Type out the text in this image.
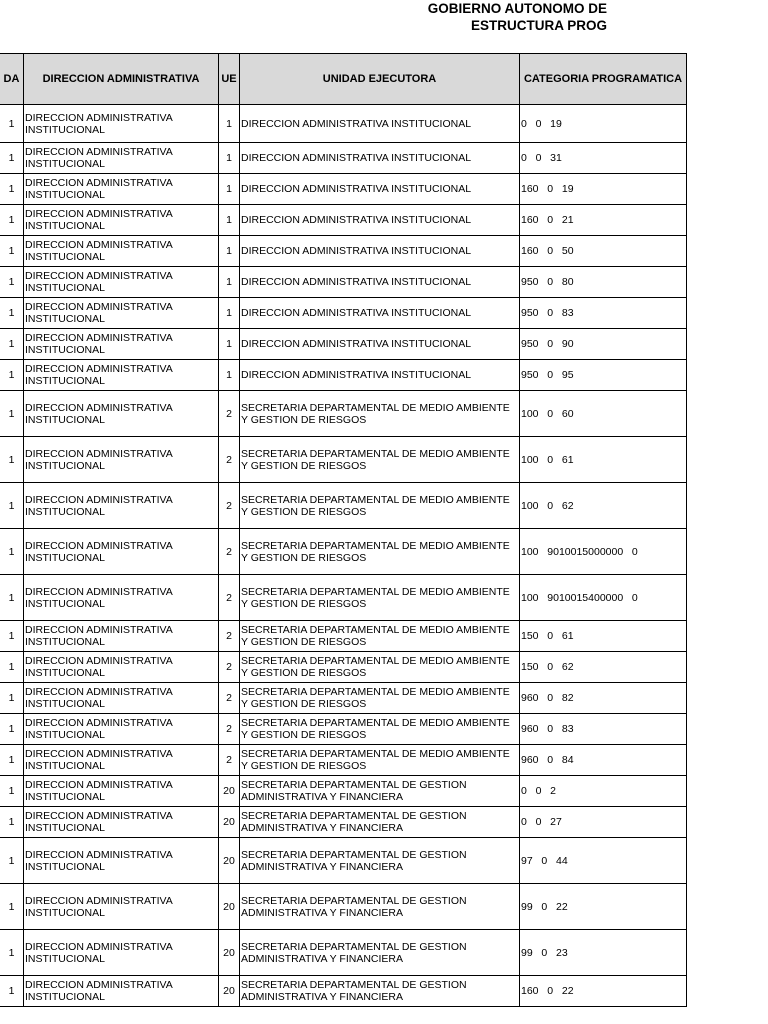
GOBIERNO AUTONOMO DE
ESTRUCTURA PROG
DA	DIRECCION ADMINISTRATIVA	UE	UNIDAD EJECUTORA	CATEGORIA PROGRAMATICA
1	DIRECCION ADMINISTRATIVA INSTITUCIONAL	1	DIRECCION ADMINISTRATIVA INSTITUCIONAL	0   0   19
1	DIRECCION ADMINISTRATIVA INSTITUCIONAL	1	DIRECCION ADMINISTRATIVA INSTITUCIONAL	0   0   31
1	DIRECCION ADMINISTRATIVA INSTITUCIONAL	1	DIRECCION ADMINISTRATIVA INSTITUCIONAL	160   0   19
1	DIRECCION ADMINISTRATIVA INSTITUCIONAL	1	DIRECCION ADMINISTRATIVA INSTITUCIONAL	160   0   21
1	DIRECCION ADMINISTRATIVA INSTITUCIONAL	1	DIRECCION ADMINISTRATIVA INSTITUCIONAL	160   0   50
1	DIRECCION ADMINISTRATIVA INSTITUCIONAL	1	DIRECCION ADMINISTRATIVA INSTITUCIONAL	950   0   80
1	DIRECCION ADMINISTRATIVA INSTITUCIONAL	1	DIRECCION ADMINISTRATIVA INSTITUCIONAL	950   0   83
1	DIRECCION ADMINISTRATIVA INSTITUCIONAL	1	DIRECCION ADMINISTRATIVA INSTITUCIONAL	950   0   90
1	DIRECCION ADMINISTRATIVA INSTITUCIONAL	1	DIRECCION ADMINISTRATIVA INSTITUCIONAL	950   0   95
1	DIRECCION ADMINISTRATIVA INSTITUCIONAL	2	SECRETARIA DEPARTAMENTAL DE MEDIO AMBIENTE Y GESTION DE RIESGOS	100   0   60
1	DIRECCION ADMINISTRATIVA INSTITUCIONAL	2	SECRETARIA DEPARTAMENTAL DE MEDIO AMBIENTE Y GESTION DE RIESGOS	100   0   61
1	DIRECCION ADMINISTRATIVA INSTITUCIONAL	2	SECRETARIA DEPARTAMENTAL DE MEDIO AMBIENTE Y GESTION DE RIESGOS	100   0   62
1	DIRECCION ADMINISTRATIVA INSTITUCIONAL	2	SECRETARIA DEPARTAMENTAL DE MEDIO AMBIENTE Y GESTION DE RIESGOS	100   9010015000000   0
1	DIRECCION ADMINISTRATIVA INSTITUCIONAL	2	SECRETARIA DEPARTAMENTAL DE MEDIO AMBIENTE Y GESTION DE RIESGOS	100   9010015400000   0
1	DIRECCION ADMINISTRATIVA INSTITUCIONAL	2	SECRETARIA DEPARTAMENTAL DE MEDIO AMBIENTE Y GESTION DE RIESGOS	150   0   61
1	DIRECCION ADMINISTRATIVA INSTITUCIONAL	2	SECRETARIA DEPARTAMENTAL DE MEDIO AMBIENTE Y GESTION DE RIESGOS	150   0   62
1	DIRECCION ADMINISTRATIVA INSTITUCIONAL	2	SECRETARIA DEPARTAMENTAL DE MEDIO AMBIENTE Y GESTION DE RIESGOS	960   0   82
1	DIRECCION ADMINISTRATIVA INSTITUCIONAL	2	SECRETARIA DEPARTAMENTAL DE MEDIO AMBIENTE Y GESTION DE RIESGOS	960   0   83
1	DIRECCION ADMINISTRATIVA INSTITUCIONAL	2	SECRETARIA DEPARTAMENTAL DE MEDIO AMBIENTE Y GESTION DE RIESGOS	960   0   84
1	DIRECCION ADMINISTRATIVA INSTITUCIONAL	20	SECRETARIA DEPARTAMENTAL DE GESTION ADMINISTRATIVA Y FINANCIERA	0   0   2
1	DIRECCION ADMINISTRATIVA INSTITUCIONAL	20	SECRETARIA DEPARTAMENTAL DE GESTION ADMINISTRATIVA Y FINANCIERA	0   0   27
1	DIRECCION ADMINISTRATIVA INSTITUCIONAL	20	SECRETARIA DEPARTAMENTAL DE GESTION ADMINISTRATIVA Y FINANCIERA	97   0   44
1	DIRECCION ADMINISTRATIVA INSTITUCIONAL	20	SECRETARIA DEPARTAMENTAL DE GESTION ADMINISTRATIVA Y FINANCIERA	99   0   22
1	DIRECCION ADMINISTRATIVA INSTITUCIONAL	20	SECRETARIA DEPARTAMENTAL DE GESTION ADMINISTRATIVA Y FINANCIERA	99   0   23
1	DIRECCION ADMINISTRATIVA INSTITUCIONAL	20	SECRETARIA DEPARTAMENTAL DE GESTION ADMINISTRATIVA Y FINANCIERA	160   0   22
